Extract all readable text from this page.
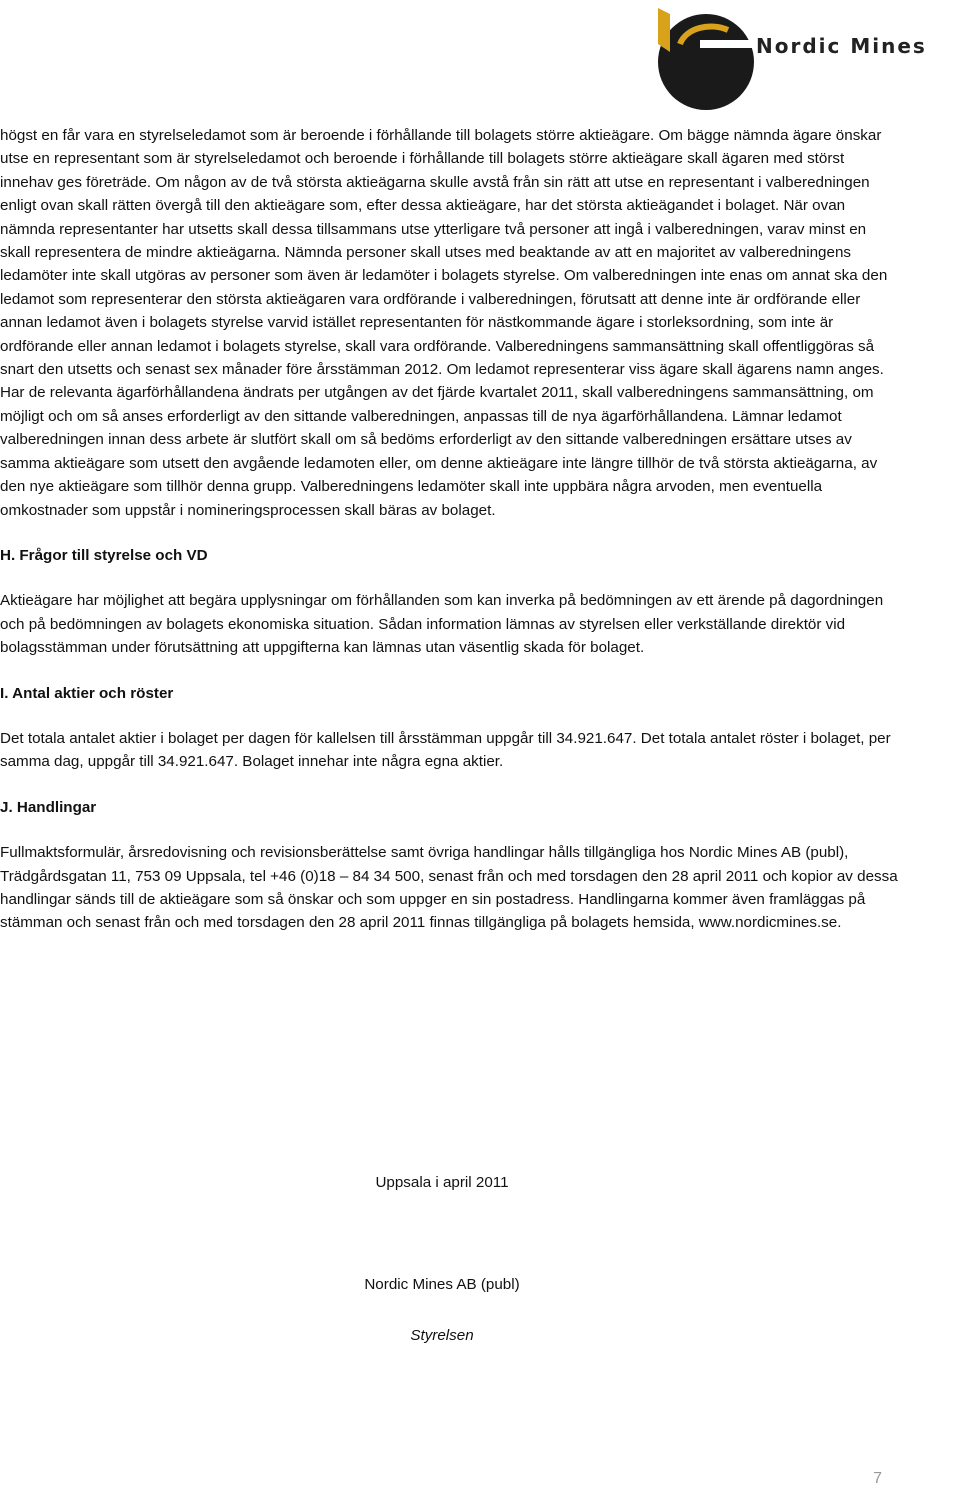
Nordic Mines

högst en får vara en styrelseledamot som är beroende i förhållande till bolagets större aktieägare. Om bägge nämnda ägare önskar utse en representant som är styrelseledamot och beroende i förhållande till bolagets större aktieägare skall ägaren med störst innehav ges företräde. Om någon av de två största aktieägarna skulle avstå från sin rätt att utse en representant i valberedningen enligt ovan skall rätten övergå till den aktieägare som, efter dessa aktieägare, har det största aktieägandet i bolaget. När ovan nämnda representanter har utsetts skall dessa tillsammans utse ytterligare två personer att ingå i valberedningen, varav minst en skall representera de mindre aktieägarna. Nämnda personer skall utses med beaktande av att en majoritet av valberedningens ledamöter inte skall utgöras av personer som även är ledamöter i bolagets styrelse. Om valberedningen inte enas om annat ska den ledamot som representerar den största aktieägaren vara ordförande i valberedningen, förutsatt att denne inte är ordförande eller annan ledamot även i bolagets styrelse varvid istället representanten för nästkommande ägare i storleksordning, som inte är ordförande eller annan ledamot i bolagets styrelse, skall vara ordförande. Valberedningens sammansättning skall offentliggöras så snart den utsetts och senast sex månader före årsstämman 2012. Om ledamot representerar viss ägare skall ägarens namn anges. Har de relevanta ägarförhållandena ändrats per utgången av det fjärde kvartalet 2011, skall valberedningens sammansättning, om möjligt och om så anses erforderligt av den sittande valberedningen, anpassas till de nya ägarförhållandena. Lämnar ledamot valberedningen innan dess arbete är slutfört skall om så bedöms erforderligt av den sittande valberedningen ersättare utses av samma aktieägare som utsett den avgående ledamoten eller, om denne aktieägare inte längre tillhör de två största aktieägarna, av den nye aktieägare som tillhör denna grupp. Valberedningens ledamöter skall inte uppbära några arvoden, men eventuella omkostnader som uppstår i nomineringsprocessen skall bäras av bolaget.

H. Frågor till styrelse och VD

Aktieägare har möjlighet att begära upplysningar om förhållanden som kan inverka på bedömningen av ett ärende på dagordningen och på bedömningen av bolagets ekonomiska situation. Sådan information lämnas av styrelsen eller verkställande direktör vid bolagsstämman under förutsättning att uppgifterna kan lämnas utan väsentlig skada för bolaget.

I. Antal aktier och röster

Det totala antalet aktier i bolaget per dagen för kallelsen till årsstämman uppgår till 34.921.647. Det totala antalet röster i bolaget, per samma dag, uppgår till 34.921.647. Bolaget innehar inte några egna aktier.

J. Handlingar

Fullmaktsformulär, årsredovisning och revisionsberättelse samt övriga handlingar hålls tillgängliga hos Nordic Mines AB (publ), Trädgårdsgatan 11, 753 09 Uppsala, tel +46 (0)18 – 84 34 500, senast från och med torsdagen den 28 april 2011 och kopior av dessa handlingar sänds till de aktieägare som så önskar och som uppger en sin postadress. Handlingarna kommer även framläggas på stämman och senast från och med torsdagen den 28 april 2011 finnas tillgängliga på bolagets hemsida, www.nordicmines.se.

Uppsala i april 2011
Nordic Mines AB (publ)
Styrelsen
7
